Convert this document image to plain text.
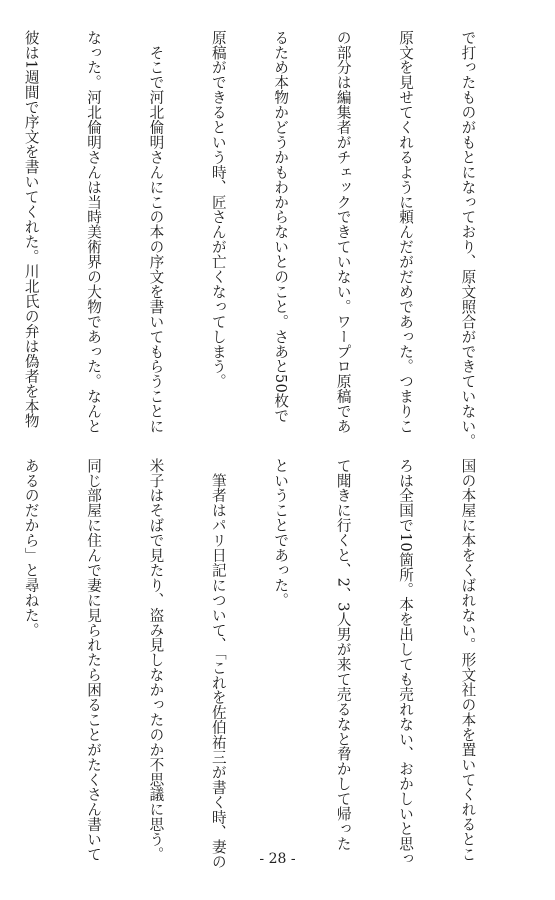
で打ったものがもとになっており、原文照合ができていない。

原文を見せてくれるように頼んだがだめであった。つまりこ

の部分は編集者がチェックできていない。ワープロ原稿であ

るため本物かどうかもわからないとのこと。さあと50枚で

原稿ができるという時、匠さんが亡くなってしまう。

　そこで河北倫明さんにこの本の序文を書いてもらうことに

なった。河北倫明さんは当時美術界の大物であった。なんと

彼は1週間で序文を書いてくれた。川北氏の弁は偽者を本物

国の本屋に本をくばれない。形文社の本を置いてくれるとこ

ろは全国で10箇所。本を出しても売れない、おかしいと思っ

て聞きに行くと、2、3人男が来て売るなと脅かして帰った

ということであった。

　筆者はパリ日記について、「これを佐伯祐三が書く時、妻の

米子はそばで見たり、盗み見しなかったのか不思議に思う。

同じ部屋に住んで妻に見られたら困ることがたくさん書いて

あるのだから」と尋ねた。

- 28 -
